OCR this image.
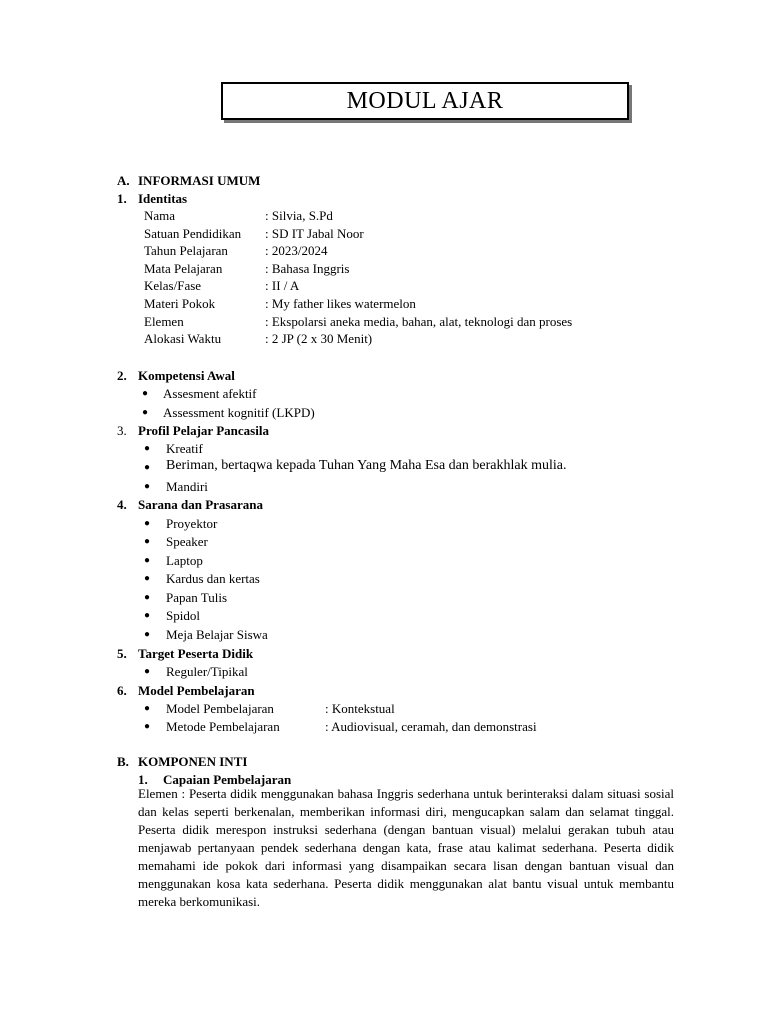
MODUL AJAR
A. INFORMASI UMUM
1. Identitas
Nama	: Silvia, S.Pd
Satuan Pendidikan : SD IT Jabal Noor
Tahun Pelajaran	: 2023/2024
Mata Pelajaran	: Bahasa Inggris
Kelas/Fase	: II / A
Materi Pokok	: My father likes watermelon
Elemen	: Ekspolarsi aneka media, bahan, alat, teknologi dan proses
Alokasi Waktu	: 2 JP (2 x 30 Menit)
2. Kompetensi Awal
● Assesment afektif
● Assessment kognitif (LKPD)
3. Profil Pelajar Pancasila
● Kreatif
● Beriman, bertaqwa kepada Tuhan Yang Maha Esa dan berakhlak mulia.
● Mandiri
4. Sarana dan Prasarana
● Proyektor
● Speaker
● Laptop
● Kardus dan kertas
● Papan Tulis
● Spidol
● Meja Belajar Siswa
5. Target Peserta Didik
● Reguler/Tipikal
6. Model Pembelajaran
● Model Pembelajaran	: Kontekstual
● Metode Pembelajaran	: Audiovisual, ceramah, dan demonstrasi
B. KOMPONEN INTI
1. Capaian Pembelajaran
Elemen : Peserta didik menggunakan bahasa Inggris sederhana untuk berinteraksi dalam situasi sosial dan kelas seperti berkenalan, memberikan informasi diri, mengucapkan salam dan selamat tinggal. Peserta didik merespon instruksi sederhana (dengan bantuan visual) melalui gerakan tubuh atau menjawab pertanyaan pendek sederhana dengan kata, frase atau kalimat sederhana. Peserta didik memahami ide pokok dari informasi yang disampaikan secara lisan dengan bantuan visual dan menggunakan kosa kata sederhana. Peserta didik menggunakan alat bantu visual untuk membantu mereka berkomunikasi.
